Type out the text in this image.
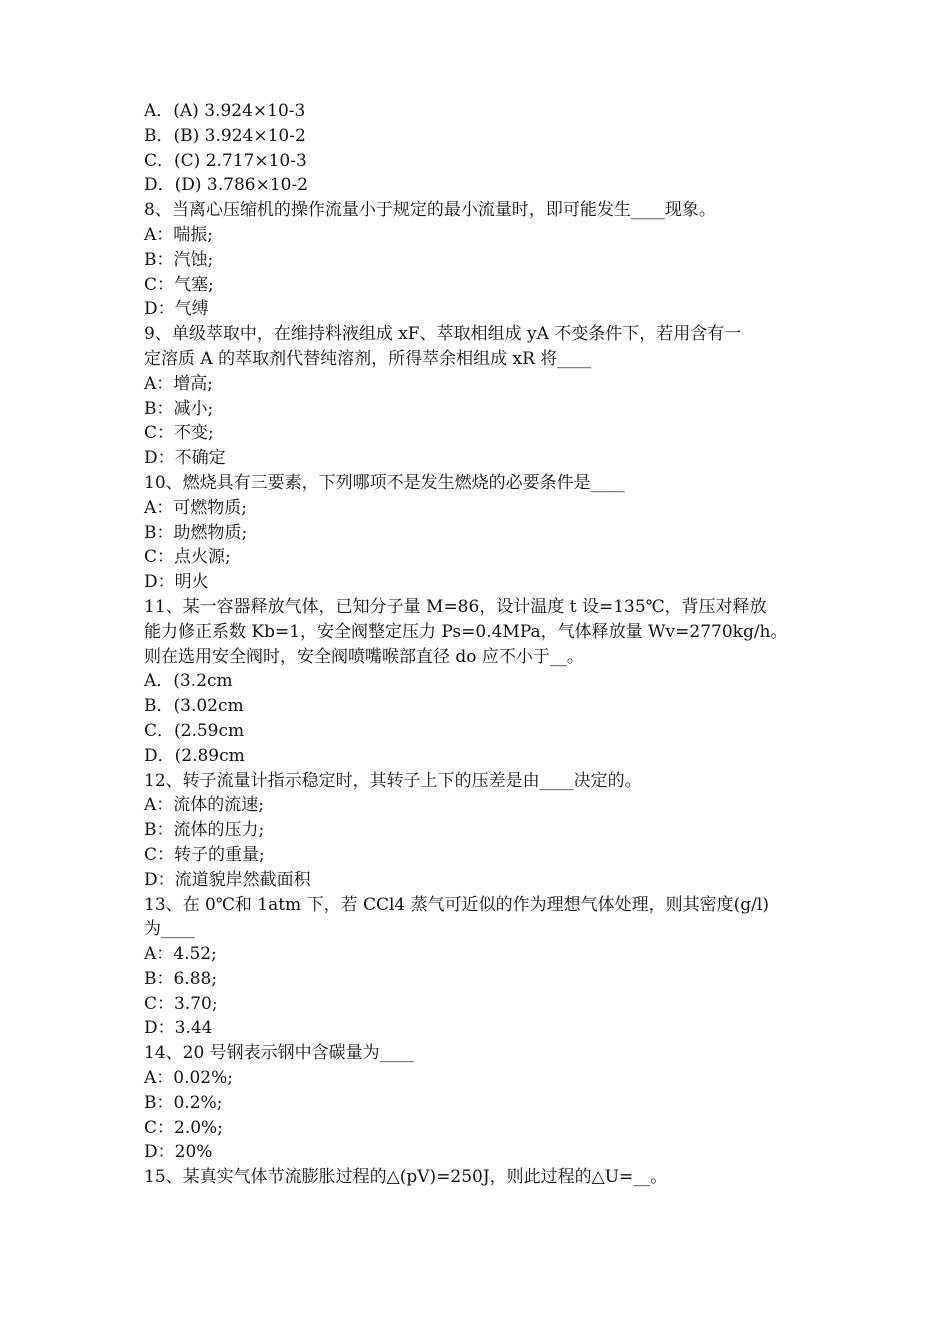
A．(A) 3.924×10-3
B．(B) 3.924×10-2
C．(C) 2.717×10-3
D．(D) 3.786×10-2
8、当离心压缩机的操作流量小于规定的最小流量时，即可能发生____现象。
A：喘振;
B：汽蚀;
C：气塞;
D：气缚
9、单级萃取中，在维持料液组成 xF、萃取相组成 yA 不变条件下，若用含有一
定溶质 A 的萃取剂代替纯溶剂，所得萃余相组成 xR 将____
A：增高;
B：减小;
C：不变;
D：不确定
10、燃烧具有三要素，下列哪项不是发生燃烧的必要条件是____
A：可燃物质;
B：助燃物质;
C：点火源;
D：明火
11、某一容器释放气体，已知分子量 M=86，设计温度 t 设=135℃，背压对释放
能力修正系数 Kb=1，安全阀整定压力 Ps=0.4MPa，气体释放量 Wv=2770kg/h。
则在选用安全阀时，安全阀喷嘴喉部直径 do 应不小于__。
A．(3.2cm
B．(3.02cm
C．(2.59cm
D．(2.89cm
12、转子流量计指示稳定时，其转子上下的压差是由____决定的。
A：流体的流速;
B：流体的压力;
C：转子的重量;
D：流道貌岸然截面积
13、在 0℃和 1atm 下，若 CCl4 蒸气可近似的作为理想气体处理，则其密度(g/l)
为____
A：4.52;
B：6.88;
C：3.70;
D：3.44
14、20 号钢表示钢中含碳量为____
A：0.02%;
B：0.2%;
C：2.0%;
D：20%
15、某真实气体节流膨胀过程的△(pV)=250J，则此过程的△U=__。
